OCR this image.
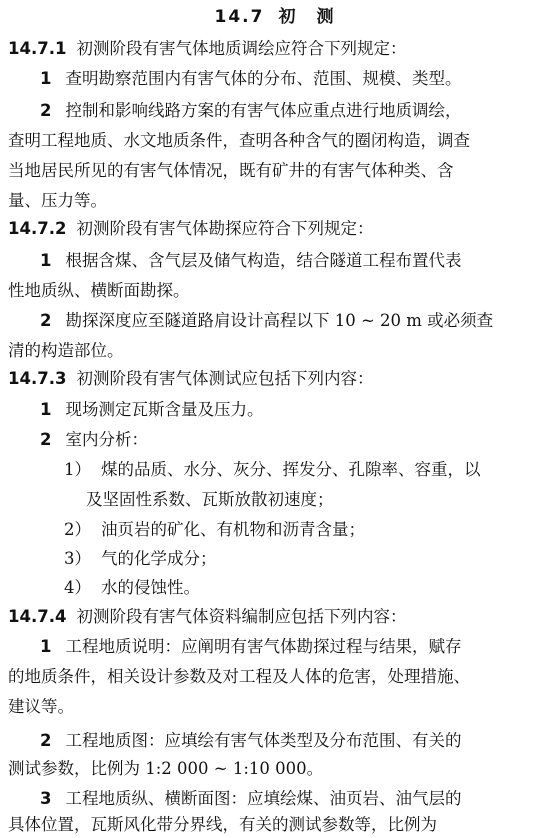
14.7 初　测
14.7.1 初测阶段有害气体地质调绘应符合下列规定：
1 查明勘察范围内有害气体的分布、范围、规模、类型。
2 控制和影响线路方案的有害气体应重点进行地质调绘，
查明工程地质、水文地质条件，查明各种含气的圈闭构造，调查
当地居民所见的有害气体情况，既有矿井的有害气体种类、含
量、压力等。
14.7.2 初测阶段有害气体勘探应符合下列规定：
1 根据含煤、含气层及储气构造，结合隧道工程布置代表
性地质纵、横断面勘探。
2 勘探深度应至隧道路肩设计高程以下 10 ~ 20 m 或必须查
清的构造部位。
14.7.3 初测阶段有害气体测试应包括下列内容：
1 现场测定瓦斯含量及压力。
2 室内分析：
1） 煤的品质、水分、灰分、挥发分、孔隙率、容重，以
及坚固性系数、瓦斯放散初速度；
2） 油页岩的矿化、有机物和沥青含量；
3） 气的化学成分；
4） 水的侵蚀性。
14.7.4 初测阶段有害气体资料编制应包括下列内容：
1 工程地质说明：应阐明有害气体勘探过程与结果，赋存
的地质条件，相关设计参数及对工程及人体的危害，处理措施、
建议等。
2 工程地质图：应填绘有害气体类型及分布范围、有关的
测试参数，比例为 1:2 000 ~ 1:10 000。
3 工程地质纵、横断面图：应填绘煤、油页岩、油气层的
具体位置，瓦斯风化带分界线，有关的测试参数等，比例为
